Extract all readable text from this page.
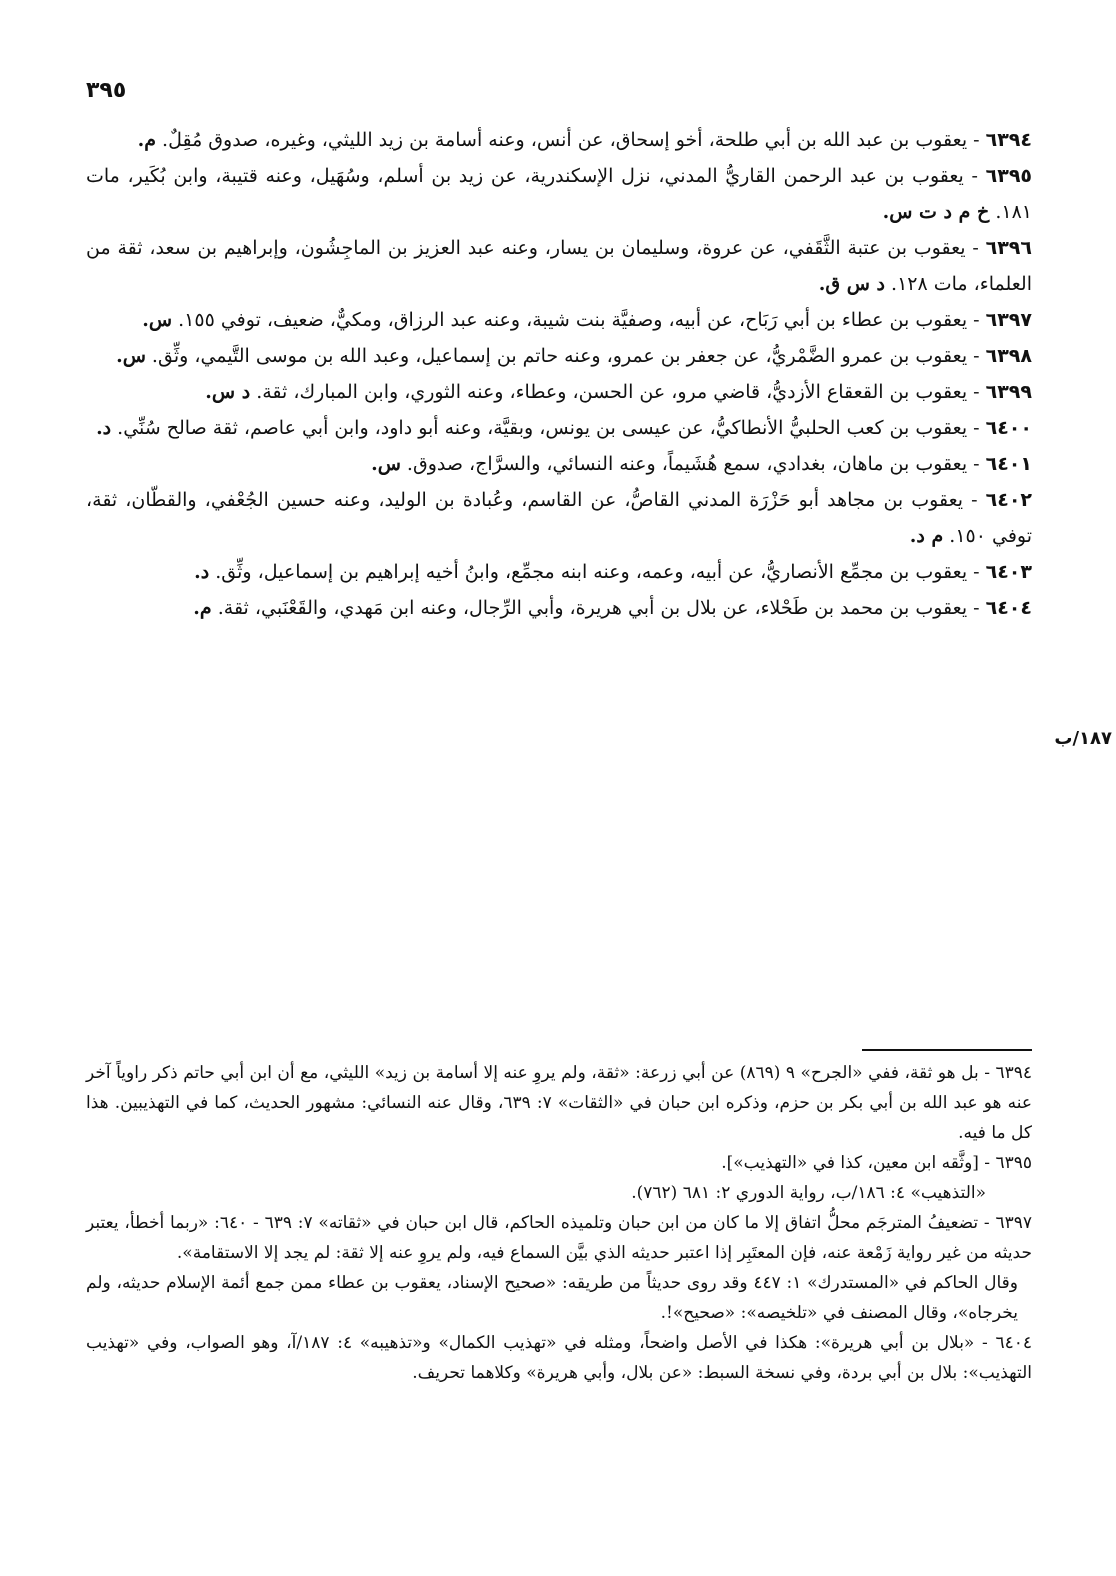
٣٩٥

٦٣٩٤ - يعقوب بن عبد الله بن أبي طلحة، أخو إسحاق، عن أنس، وعنه أسامة بن زيد الليثي، وغيره، صدوق مُقِلٌ. م.

٦٣٩٥ - يعقوب بن عبد الرحمن القاريُّ المدني، نزل الإسكندرية، عن زيد بن أسلم، وسُهَيل، وعنه قتيبة، وابن بُكَير، مات ١٨١. خ م د ت س.

٦٣٩٦ - يعقوب بن عتبة الثَّقَفي، عن عروة، وسليمان بن يسار، وعنه عبد العزيز بن الماجِشُون، وإبراهيم بن سعد، ثقة من العلماء، مات ١٢٨. د س ق.

٦٣٩٧ - يعقوب بن عطاء بن أبي رَبَاح، عن أبيه، وصفيَّة بنت شيبة، وعنه عبد الرزاق، ومكيٌّ، ضعيف، توفي ١٥٥. س.

٦٣٩٨ - يعقوب بن عمرو الضَّمْريُّ، عن جعفر بن عمرو، وعنه حاتم بن إسماعيل، وعبد الله بن موسى التَّيمي، وثِّق. س.

٦٣٩٩ - يعقوب بن القعقاع الأزديُّ، قاضي مرو، عن الحسن، وعطاء، وعنه الثوري، وابن المبارك، ثقة. د س.

٦٤٠٠ - يعقوب بن كعب الحلبيُّ الأنطاكيُّ، عن عيسى بن يونس، وبقيَّة، وعنه أبو داود، وابن أبي عاصم، ثقة صالح سُنِّي. د.

٦٤٠١ - يعقوب بن ماهان، بغدادي، سمع هُشَيماً، وعنه النسائي، والسرَّاج، صدوق. س.

٦٤٠٢ - يعقوب بن مجاهد أبو حَزْرَة المدني القاصُّ، عن القاسم، وعُبادة بن الوليد، وعنه حسين الجُعْفي، والقطّان، ثقة، توفي ١٥٠. م د.

٦٤٠٣ - يعقوب بن مجمِّع الأنصاريُّ، عن أبيه، وعمه، وعنه ابنه مجمِّع، وابنُ أخيه إبراهيم بن إسماعيل، وثِّق. د.

٦٤٠٤ - يعقوب بن محمد بن طَحْلاء، عن بلال بن أبي هريرة، وأبي الرِّجال، وعنه ابن مَهدي، والقَعْنَبي، ثقة. م.

١٨٧/ب

٦٣٩٤ - بل هو ثقة، ففي «الجرح» ٩ (٨٦٩) عن أبي زرعة: «ثقة، ولم يروِ عنه إلا أسامة بن زيد» الليثي، مع أن ابن أبي حاتم ذكر راوياً آخر عنه هو عبد الله بن أبي بكر بن حزم، وذكره ابن حبان في «الثقات» ٧: ٦٣٩، وقال عنه النسائي: مشهور الحديث، كما في التهذيبين. هذا كل ما فيه.

٦٣٩٥ - [وثَّقه ابن معين، كذا في «التهذيب»].

«التذهيب» ٤: ١٨٦/ب، رواية الدوري ٢: ٦٨١ (٧٦٢).

٦٣٩٧ - تضعيفُ المترجَم محلُّ اتفاق إلا ما كان من ابن حبان وتلميذه الحاكم، قال ابن حبان في «ثقاته» ٧: ٦٣٩ - ٦٤٠: «ربما أخطأ، يعتبر حديثه من غير رواية زَمْعة عنه، فإن المعتَبِر إذا اعتبر حديثه الذي بيَّن السماع فيه، ولم يروِ عنه إلا ثقة: لم يجد إلا الاستقامة».

وقال الحاكم في «المستدرك» ١: ٤٤٧ وقد روى حديثاً من طريقه: «صحيح الإسناد، يعقوب بن عطاء ممن جمع أئمة الإسلام حديثه، ولم يخرجاه»، وقال المصنف في «تلخيصه»: «صحيح»!.

٦٤٠٤ - «بلال بن أبي هريرة»: هكذا في الأصل واضحاً، ومثله في «تهذيب الكمال» و«تذهيبه» ٤: ١٨٧/آ، وهو الصواب، وفي «تهذيب التهذيب»: بلال بن أبي بردة، وفي نسخة السبط: «عن بلال، وأبي هريرة» وكلاهما تحريف.
